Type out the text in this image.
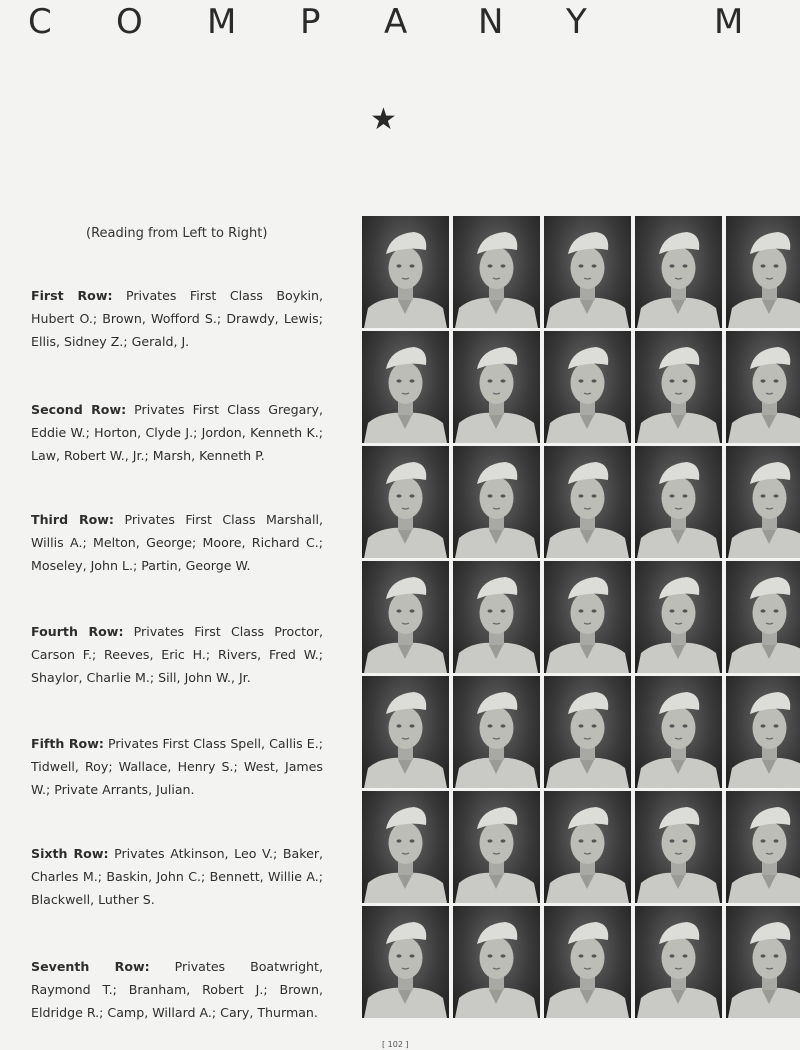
C O M P A N Y	M
★
(Reading from Left to Right)
First Row: Privates First Class Boykin, Hubert O.; Brown, Wofford S.; Drawdy, Lewis; Ellis, Sidney Z.; Gerald, J.
Second Row: Privates First Class Gregary, Eddie W.; Horton, Clyde J.; Jordon, Kenneth K.; Law, Robert W., Jr.; Marsh, Kenneth P.
Third Row: Privates First Class Marshall, Willis A.; Melton, George; Moore, Richard C.; Moseley, John L.; Partin, George W.
Fourth Row: Privates First Class Proctor, Carson F.; Reeves, Eric H.; Rivers, Fred W.; Shaylor, Charlie M.; Sill, John W., Jr.
Fifth Row: Privates First Class Spell, Callis E.; Tidwell, Roy; Wallace, Henry S.; West, James W.; Private Arrants, Julian.
Sixth Row: Privates Atkinson, Leo V.; Baker, Charles M.; Baskin, John C.; Bennett, Willie A.; Blackwell, Luther S.
Seventh Row: Privates Boatwright, Raymond T.; Branham, Robert J.; Brown, Eldridge R.; Camp, Willard A.; Cary, Thurman.
[ 102 ]
